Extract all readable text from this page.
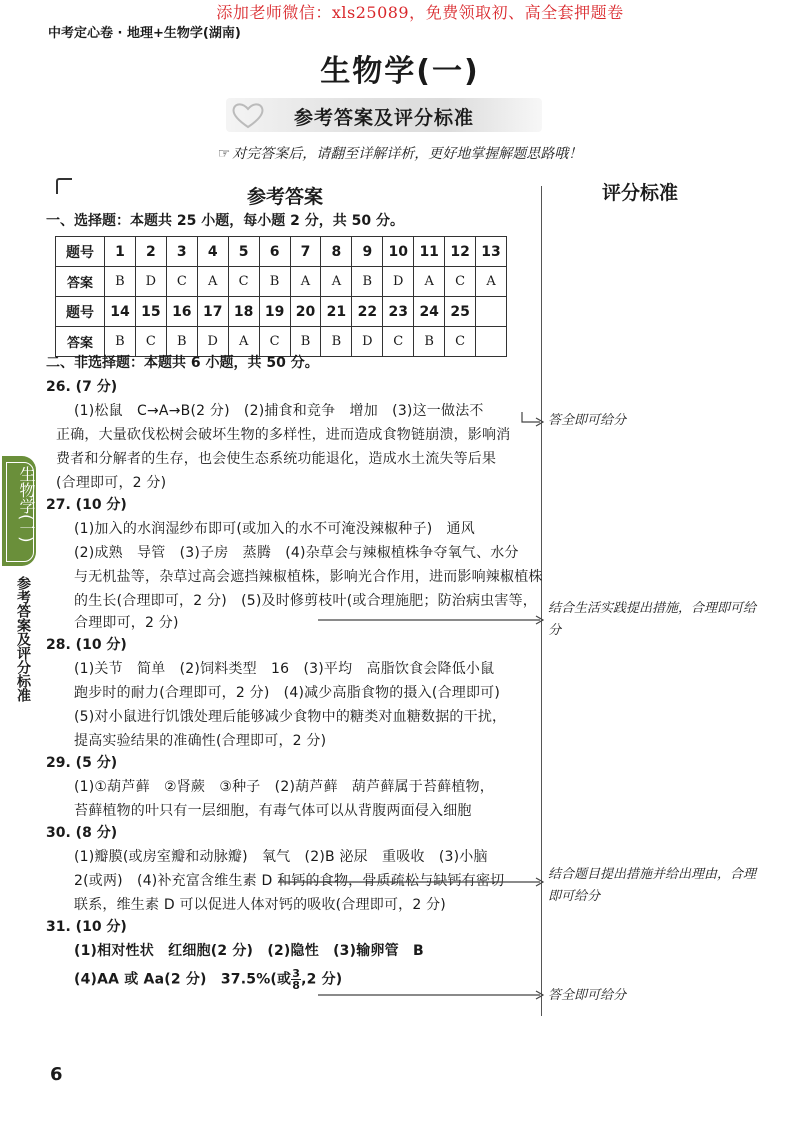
添加老师微信：xls25089，免费领取初、高全套押题卷
中考定心卷 · 地理+生物学(湖南)
生物学(一)
参考答案及评分标准
☞ 对完答案后，请翻至详解详析，更好地掌握解题思路哦！
参考答案	评分标准
一、选择题：本题共 25 小题，每小题 2 分，共 50 分。
题号	1	2	3	4	5	6	7	8	9	10	11	12	13
答案	B	D	C	A	C	B	A	A	B	D	A	C	A
题号	14	15	16	17	18	19	20	21	22	23	24	25	
答案	B	C	B	D	A	C	B	B	D	C	B	C	
二、非选择题：本题共 6 小题，共 50 分。
26. (7 分)
(1)松鼠　C→A→B(2 分)　(2)捕食和竞争　增加　(3)这一做法不
正确，大量砍伐松树会破坏生物的多样性，进而造成食物链崩溃，影响消
费者和分解者的生存，也会使生态系统功能退化，造成水土流失等后果
(合理即可，2 分)
27. (10 分)
(1)加入的水润湿纱布即可(或加入的水不可淹没辣椒种子)　通风
(2)成熟　导管　(3)子房　蒸腾　(4)杂草会与辣椒植株争夺氧气、水分
与无机盐等，杂草过高会遮挡辣椒植株，影响光合作用，进而影响辣椒植株
的生长(合理即可，2 分)　(5)及时修剪枝叶(或合理施肥；防治病虫害等，
合理即可，2 分)
28. (10 分)
(1)关节　简单　(2)饲料类型　16　(3)平均　高脂饮食会降低小鼠
跑步时的耐力(合理即可，2 分)　(4)减少高脂食物的摄入(合理即可)
(5)对小鼠进行饥饿处理后能够减少食物中的糖类对血糖数据的干扰，
提高实验结果的准确性(合理即可，2 分)
29. (5 分)
(1)①葫芦藓　②肾蕨　③种子　(2)葫芦藓　葫芦藓属于苔藓植物，
苔藓植物的叶只有一层细胞，有毒气体可以从背腹两面侵入细胞
30. (8 分)
(1)瓣膜(或房室瓣和动脉瓣)　氧气　(2)B 泌尿　重吸收　(3)小脑
2(或两)　(4)补充富含维生素 D 和钙的食物，骨质疏松与缺钙有密切
联系，维生素 D 可以促进人体对钙的吸收(合理即可，2 分)
31. (10 分)
(1)相对性状　红细胞(2 分)　(2)隐性　(3)输卵管　B
(4)AA 或 Aa(2 分)　37.5%(或 $\frac{3}{8} ,2$ 分)
答全即可给分
结合生活实践提出措施，合理即可给分
结合题目提出措施并给出理由，合理即可给分
答全即可给分
生物学(一)
参考答案及评分标准
6
